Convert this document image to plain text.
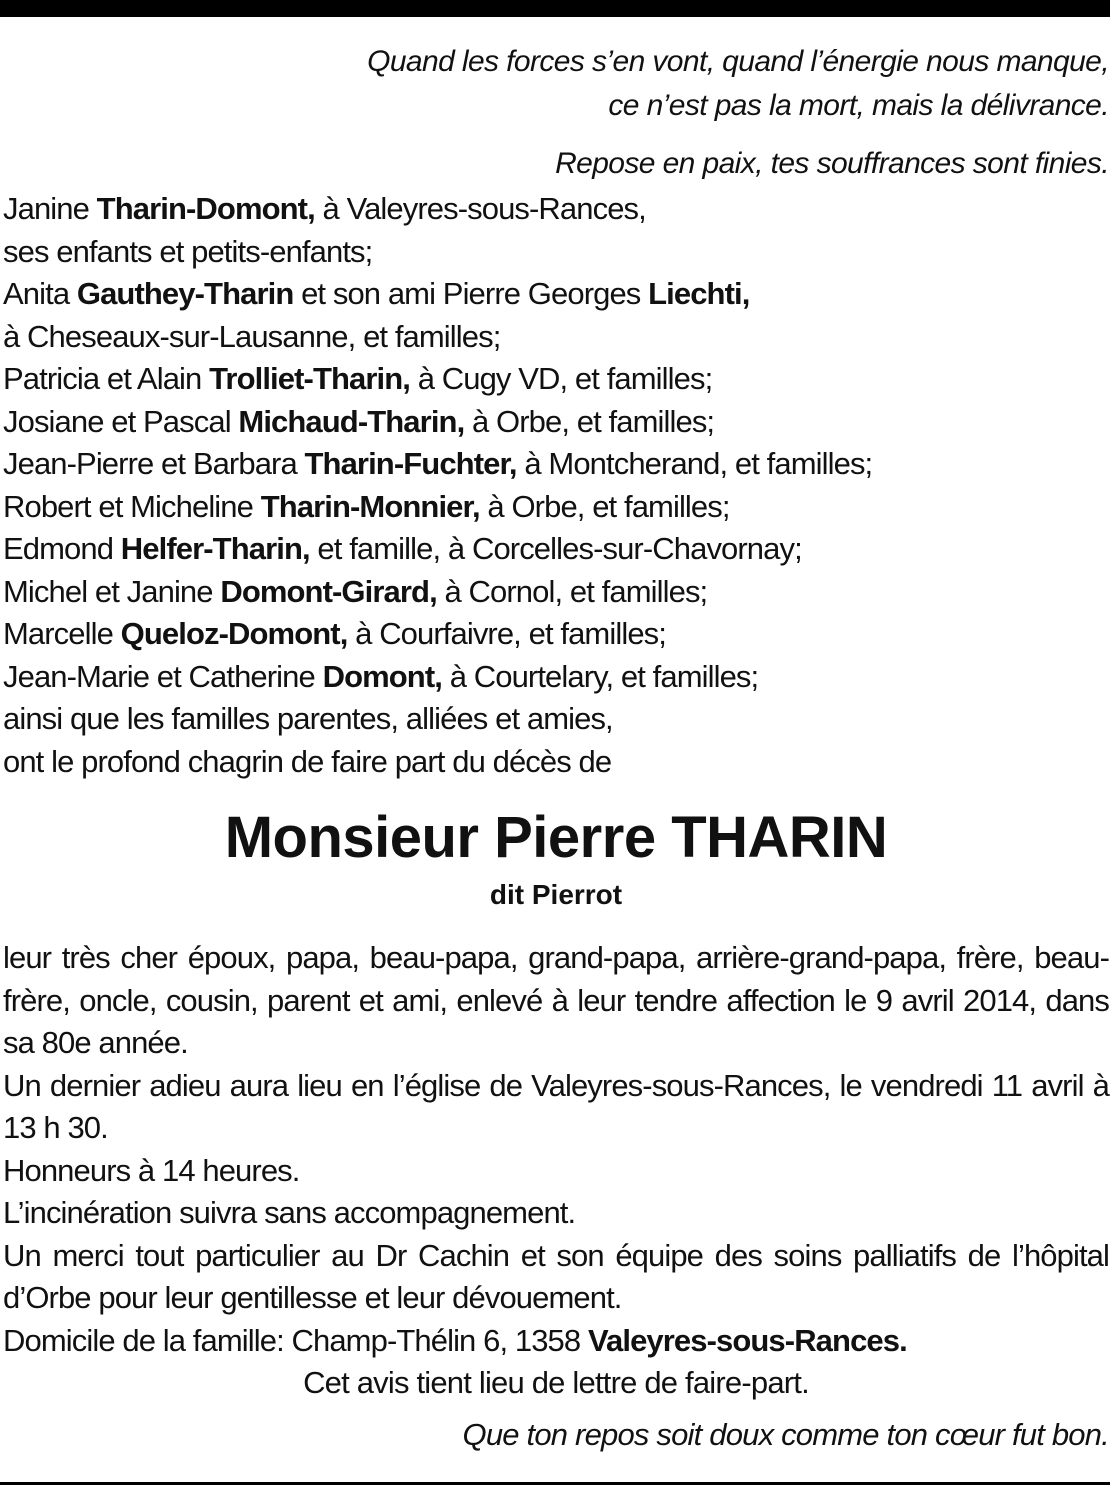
Quand les forces s’en vont, quand l’énergie nous manque,
ce n’est pas la mort, mais la délivrance.
Repose en paix, tes souffrances sont finies.
Janine Tharin-Domont, à Valeyres-sous-Rances,
ses enfants et petits-enfants;
Anita Gauthey-Tharin et son ami Pierre Georges Liechti,
à Cheseaux-sur-Lausanne, et familles;
Patricia et Alain Trolliet-Tharin, à Cugy VD, et familles;
Josiane et Pascal Michaud-Tharin, à Orbe, et familles;
Jean-Pierre et Barbara Tharin-Fuchter, à Montcherand, et familles;
Robert et Micheline Tharin-Monnier, à Orbe, et familles;
Edmond Helfer-Tharin, et famille, à Corcelles-sur-Chavornay;
Michel et Janine Domont-Girard, à Cornol, et familles;
Marcelle Queloz-Domont, à Courfaivre, et familles;
Jean-Marie et Catherine Domont, à Courtelary, et familles;
ainsi que les familles parentes, alliées et amies,
ont le profond chagrin de faire part du décès de
Monsieur Pierre THARIN
dit Pierrot
leur très cher époux, papa, beau-papa, grand-papa, arrière-grand-papa, frère, beau-frère, oncle, cousin, parent et ami, enlevé à leur tendre affection le 9 avril 2014, dans sa 80e année.
Un dernier adieu aura lieu en l’église de Valeyres-sous-Rances, le vendredi 11 avril à 13 h 30.
Honneurs à 14 heures.
L’incinération suivra sans accompagnement.
Un merci tout particulier au Dr Cachin et son équipe des soins palliatifs de l’hôpital d’Orbe pour leur gentillesse et leur dévouement.
Domicile de la famille: Champ-Thélin 6, 1358 Valeyres-sous-Rances.
Cet avis tient lieu de lettre de faire-part.
Que ton repos soit doux comme ton cœur fut bon.
